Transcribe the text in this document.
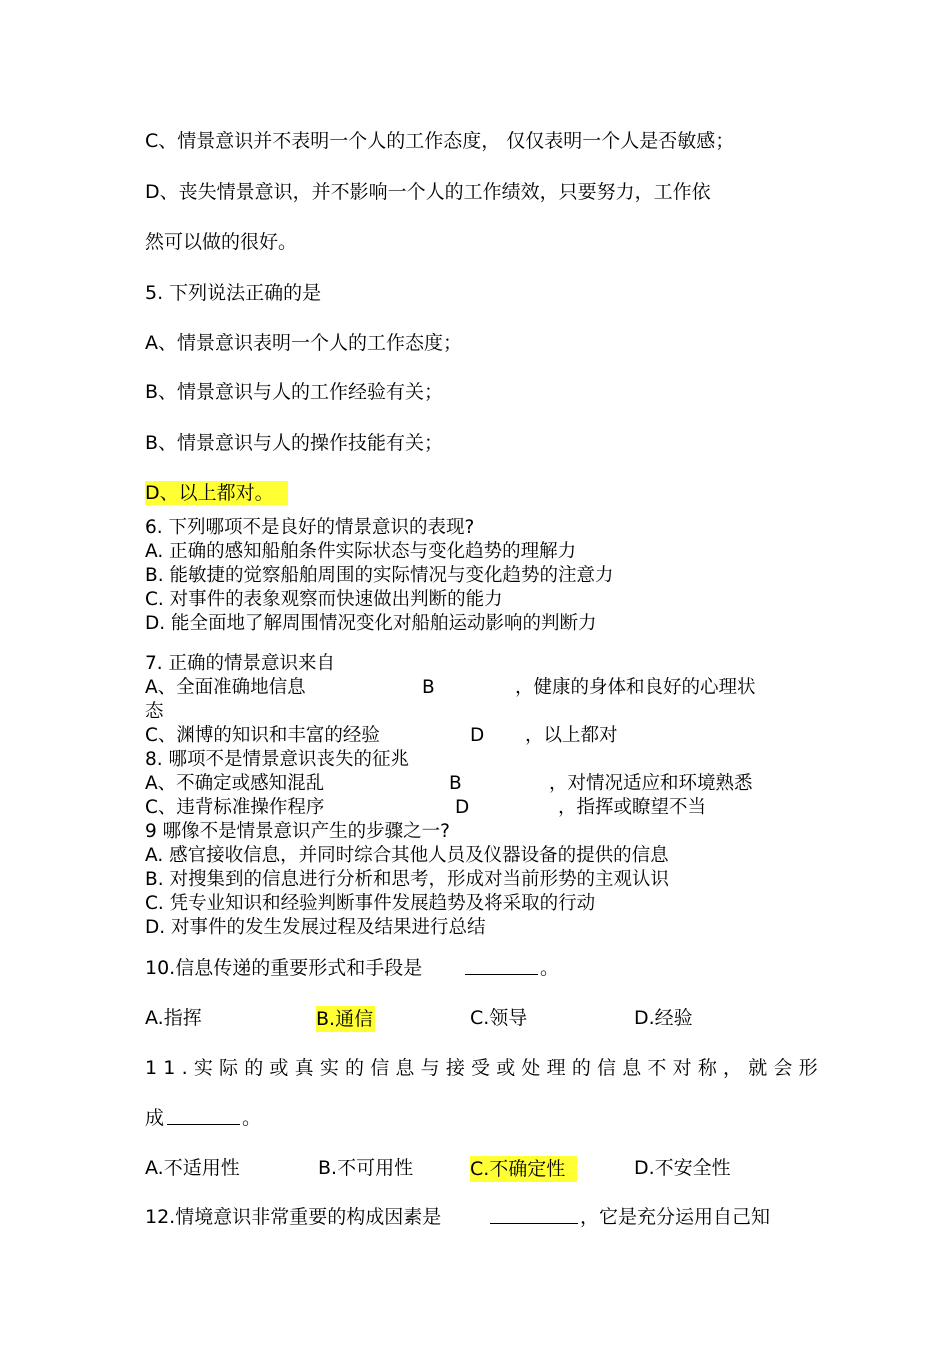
C、情景意识并不表明一个人的工作态度， 仅仅表明一个人是否敏感；
D、丧失情景意识，并不影响一个人的工作绩效，只要努力，工作依
然可以做的很好。
5. 下列说法正确的是
A、情景意识表明一个人的工作态度；
B、情景意识与人的工作经验有关；
B、情景意识与人的操作技能有关；
D、以上都对。
6. 下列哪项不是良好的情景意识的表现?
A. 正确的感知船舶条件实际状态与变化趋势的理解力
B. 能敏捷的觉察船舶周围的实际情况与变化趋势的注意力
C. 对事件的表象观察而快速做出判断的能力
D. 能全面地了解周围情况变化对船舶运动影响的判断力
7. 正确的情景意识来自
A、全面准确地信息	B	，健康的身体和良好的心理状
态
C、渊博的知识和丰富的经验	D ，以上都对
8. 哪项不是情景意识丧失的征兆
A、不确定或感知混乱	B	，对情况适应和环境熟悉
C、违背标准操作程序	D	，指挥或瞭望不当
9 哪像不是情景意识产生的步骤之一?
A. 感官接收信息，并同时综合其他人员及仪器设备的提供的信息
B. 对搜集到的信息进行分析和思考，形成对当前形势的主观认识
C. 凭专业知识和经验判断事件发展趋势及将采取的行动
D. 对事件的发生发展过程及结果进行总结
10.信息传递的重要形式和手段是	。
A.指挥	B.通信	C.领导	D.经验
11.实际的或真实的信息与接受或处理的信息不对称，就会形
成	。
A.不适用性	B.不可用性	C.不确定性	D.不安全性
12.情境意识非常重要的构成因素是	，它是充分运用自己知
